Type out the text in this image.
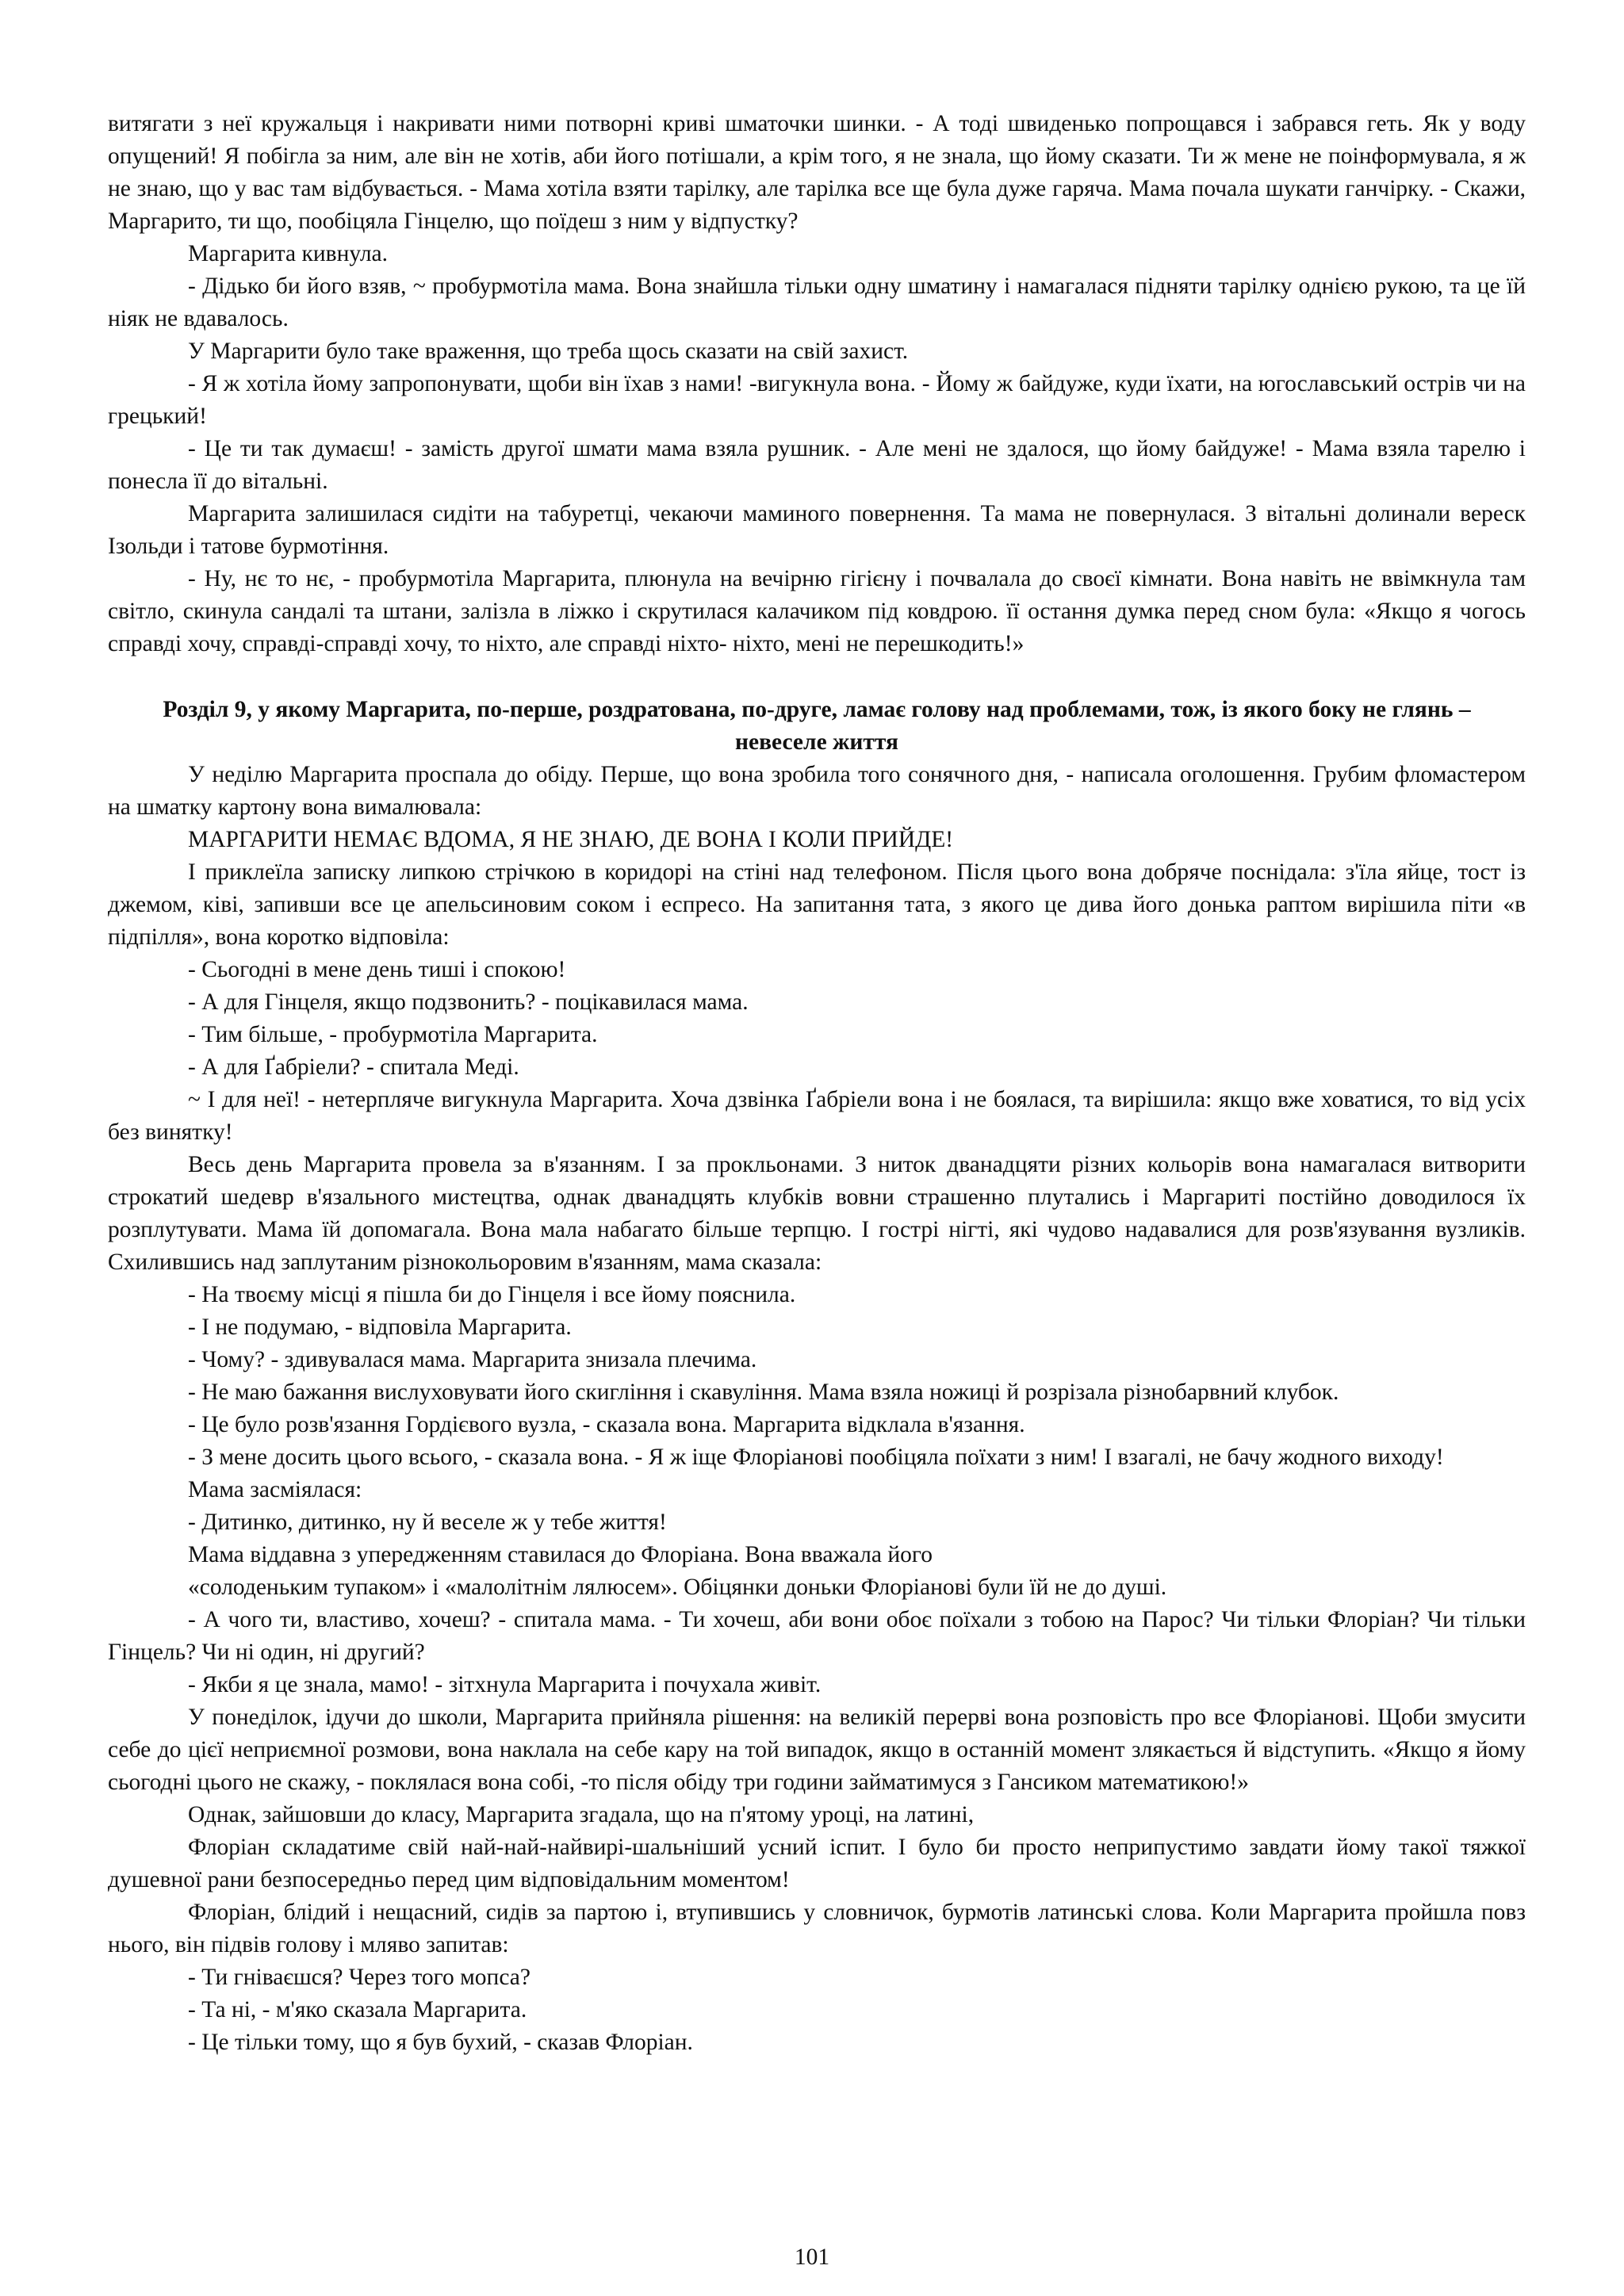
витягати з неї кружальця і накривати ними потворні криві шматочки шинки. - А тоді швиденько попрощався і забрався геть. Як у воду опущений! Я побігла за ним, але він не хотів, аби його потішали, а крім того, я не знала, що йому сказати. Ти ж мене не поінформувала, я ж не знаю, що у вас там відбувається. - Мама хотіла взяти тарілку, але тарілка все ще була дуже гаряча. Мама почала шукати ганчірку. - Скажи, Маргарито, ти що, пообіцяла Гінцелю, що поїдеш з ним у відпустку?

Маргарита кивнула.

- Дідько би його взяв, ~ пробурмотіла мама. Вона знайшла тільки одну шматину і намагалася підняти тарілку однією рукою, та це їй ніяк не вдавалось.

У Маргарити було таке враження, що треба щось сказати на свій захист.

- Я ж хотіла йому запропонувати, щоби він їхав з нами! -вигукнула вона. - Йому ж байдуже, куди їхати, на югославський острів чи на грецький!

- Це ти так думаєш! - замість другої шмати мама взяла рушник. - Але мені не здалося, що йому байдуже! - Мама взяла тарелю і понесла її до вітальні.

Маргарита залишилася сидіти на табуретці, чекаючи маминого повернення. Та мама не повернулася. З вітальні долинали вереск Ізольди і татове бурмотіння.

- Ну, нє то нє, - пробурмотіла Маргарита, плюнула на вечірню гігієну і почвалала до своєї кімнати. Вона навіть не ввімкнула там світло, скинула сандалі та штани, залізла в ліжко і скрутилася калачиком під ковдрою. її остання думка перед сном була: «Якщо я чогось справді хочу, справді-справді хочу, то ніхто, але справді ніхто- ніхто, мені не перешкодить!»

Розділ 9, у якому Маргарита, по-перше, роздратована, по-друге, ламає голову над проблемами, тож, із якого боку не глянь – невеселе життя

У неділю Маргарита проспала до обіду. Перше, що вона зробила того сонячного дня, - написала оголошення. Грубим фломастером на шматку картону вона вималювала:

МАРГАРИТИ НЕМАЄ ВДОМА, Я НЕ ЗНАЮ, ДЕ ВОНА І КОЛИ ПРИЙДЕ!

І приклеїла записку липкою стрічкою в коридорі на стіні над телефоном. Після цього вона добряче поснідала: з'їла яйце, тост із джемом, ківі, запивши все це апельсиновим соком і еспресо. На запитання тата, з якого це дива його донька раптом вирішила піти «в підпілля», вона коротко відповіла:

- Сьогодні в мене день тиші і спокою!

- А для Гінцеля, якщо подзвонить? - поцікавилася мама.

- Тим більше, - пробурмотіла Маргарита.

- А для Ґабріели? - спитала Меді.

~ І для неї! - нетерпляче вигукнула Маргарита. Хоча дзвінка Ґабріели вона і не боялася, та вирішила: якщо вже ховатися, то від усіх без винятку!

Весь день Маргарита провела за в'язанням. І за прокльонами. З ниток дванадцяти різних кольорів вона намагалася витворити строкатий шедевр в'язального мистецтва, однак дванадцять клубків вовни страшенно плутались і Маргариті постійно доводилося їх розплутувати. Мама їй допомагала. Вона мала набагато більше терпцю. І гострі нігті, які чудово надавалися для розв'язування вузликів. Схилившись над заплутаним різнокольоровим в'язанням, мама сказала:

- На твоєму місці я пішла би до Гінцеля і все йому пояснила.

- І не подумаю, - відповіла Маргарита.

- Чому? - здивувалася мама. Маргарита знизала плечима.

- Не маю бажання вислуховувати його скигління і скавуління. Мама взяла ножиці й розрізала різнобарвний клубок.

- Це було розв'язання Гордієвого вузла, - сказала вона. Маргарита відклала в'язання.

- З мене досить цього всього, - сказала вона. - Я ж іще Флоріанові пообіцяла поїхати з ним! І взагалі, не бачу жодного виходу!

Мама засміялася:

- Дитинко, дитинко, ну й веселе ж у тебе життя!

Мама віддавна з упередженням ставилася до Флоріана. Вона вважала його

«солоденьким тупаком» і «малолітнім лялюсем». Обіцянки доньки Флоріанові були їй не до душі.

- А чого ти, властиво, хочеш? - спитала мама. - Ти хочеш, аби вони обоє поїхали з тобою на Парос? Чи тільки Флоріан? Чи тільки Гінцель? Чи ні один, ні другий?

- Якби я це знала, мамо! - зітхнула Маргарита і почухала живіт.

У понеділок, ідучи до школи, Маргарита прийняла рішення: на великій перерві вона розповість про все Флоріанові. Щоби змусити себе до цієї неприємної розмови, вона наклала на себе кару на той випадок, якщо в останній момент злякається й відступить. «Якщо я йому сьогодні цього не скажу, - поклялася вона собі, -то після обіду три години займатимуся з Гансиком математикою!»

Однак, зайшовши до класу, Маргарита згадала, що на п'ятому уроці, на латині,

Флоріан складатиме свій най-най-найвирі-шальніший усний іспит. І було би просто неприпустимо завдати йому такої тяжкої душевної рани безпосередньо перед цим відповідальним моментом!

Флоріан, блідий і нещасний, сидів за партою і, втупившись у словничок, бурмотів латинські слова. Коли Маргарита пройшла повз нього, він підвів голову і мляво запитав:

- Ти гніваєшся? Через того мопса?

- Та ні, - м'яко сказала Маргарита.

- Це тільки тому, що я був бухий, - сказав Флоріан.

101
